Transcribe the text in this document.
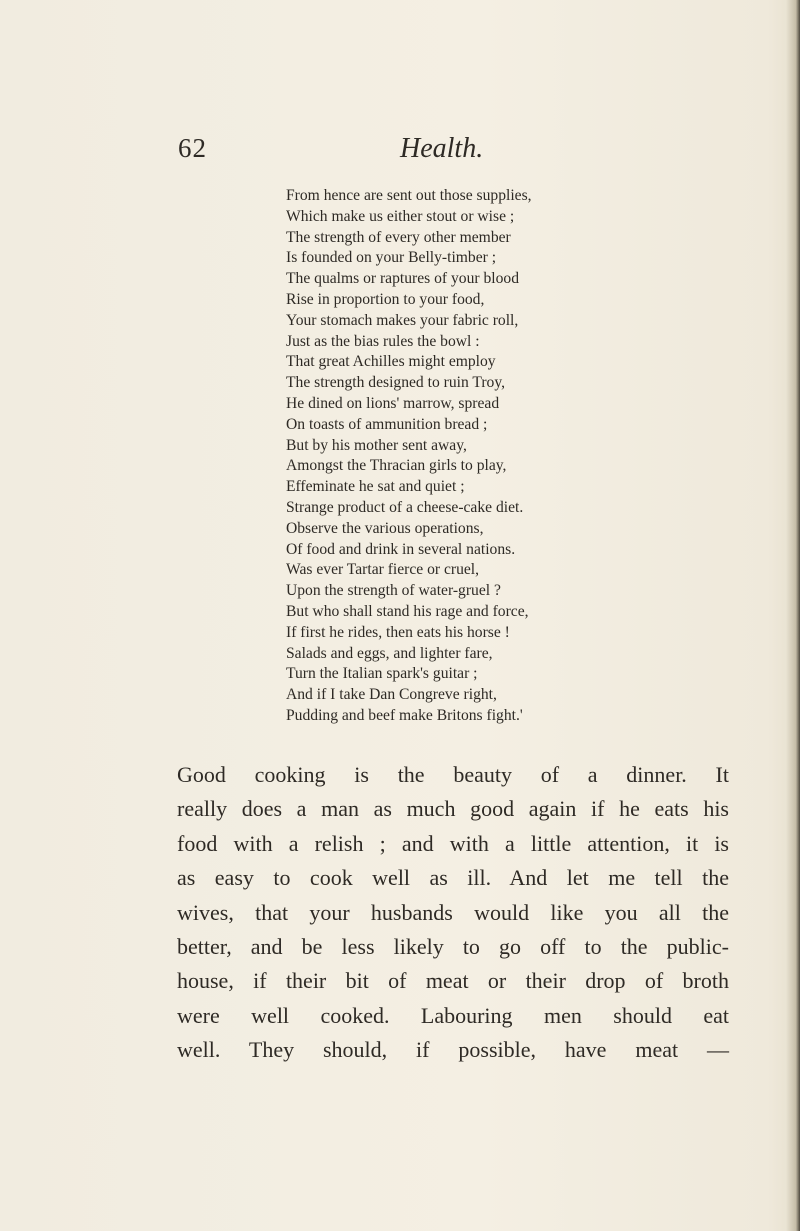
62	Health.
From hence are sent out those supplies,
Which make us either stout or wise ;
The strength of every other member
Is founded on your Belly-timber ;
The qualms or raptures of your blood
Rise in proportion to your food,
Your stomach makes your fabric roll,
Just as the bias rules the bowl :
That great Achilles might employ
The strength designed to ruin Troy,
He dined on lions' marrow, spread
On toasts of ammunition bread ;
But by his mother sent away,
Amongst the Thracian girls to play,
Effeminate he sat and quiet ;
Strange product of a cheese-cake diet.
Observe the various operations,
Of food and drink in several nations.
Was ever Tartar fierce or cruel,
Upon the strength of water-gruel ?
But who shall stand his rage and force,
If first he rides, then eats his horse !
Salads and eggs, and lighter fare,
Turn the Italian spark's guitar ;
And if I take Dan Congreve right,
Pudding and beef make Britons fight.'
Good cooking is the beauty of a dinner. It
really does a man as much good again if he eats his
food with a relish ; and with a little attention, it is
as easy to cook well as ill. And let me tell the
wives, that your husbands would like you all the
better, and be less likely to go off to the public-
house, if their bit of meat or their drop of broth
were well cooked. Labouring men should eat
well. They should, if possible, have meat —
